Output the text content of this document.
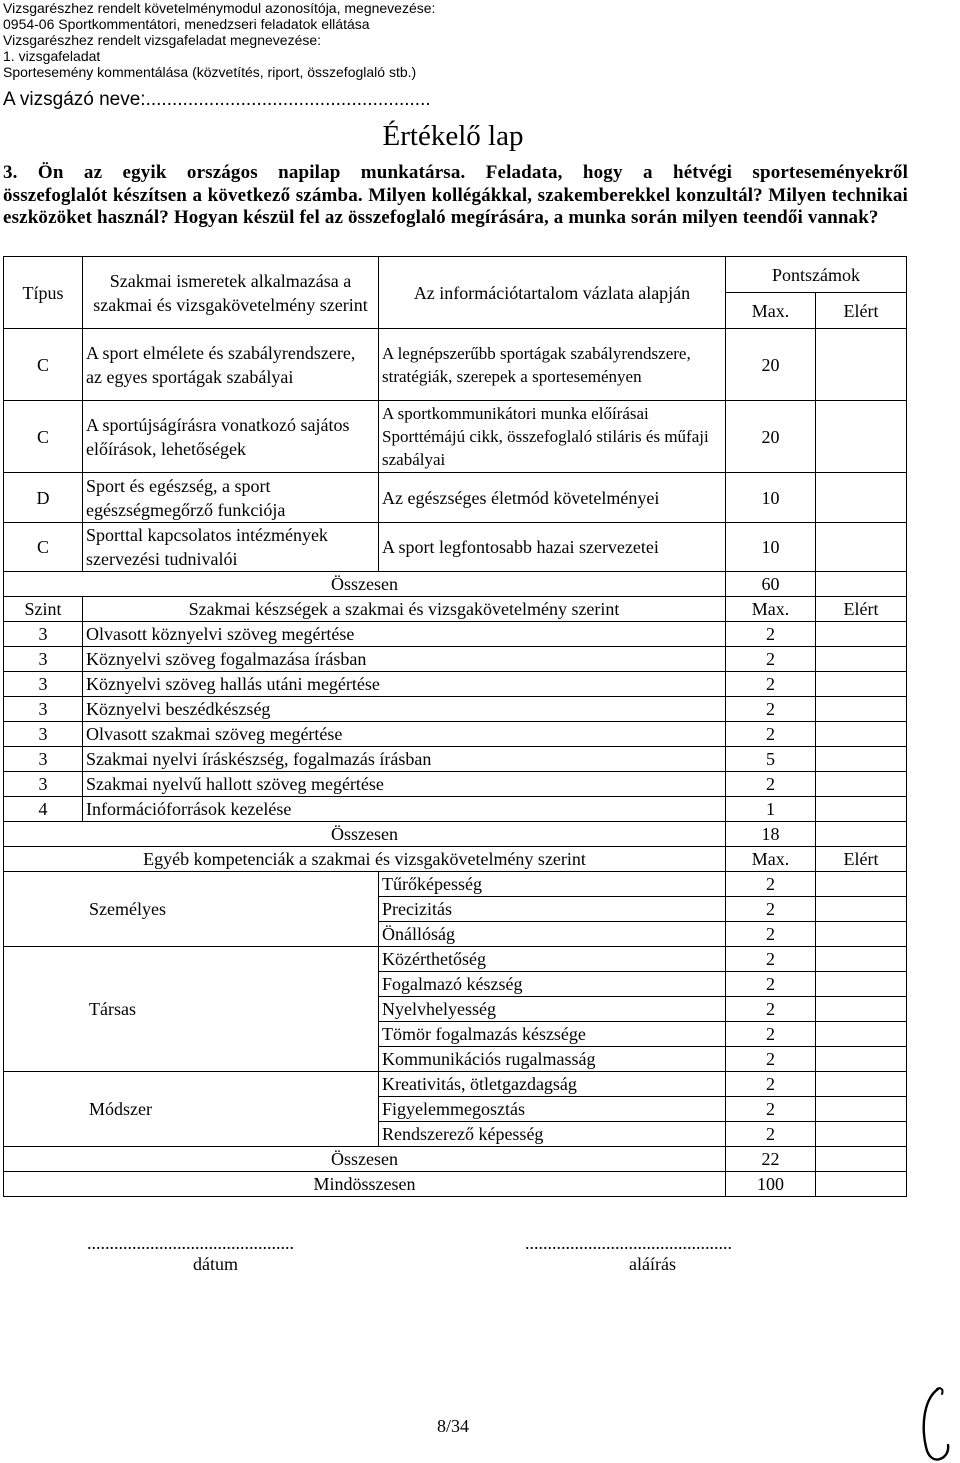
Vizsgarészhez rendelt követelménymodul azonosítója, megnevezése:
0954-06 Sportkommentátori, menedzseri feladatok ellátása
Vizsgarészhez rendelt vizsgafeladat megnevezése:
1. vizsgafeladat
Sportesemény kommentálása (közvetítés, riport, összefoglaló stb.)
A vizsgázó neve:......................................................
Értékelő lap
3. Ön az egyik országos napilap munkatársa. Feladata, hogy a hétvégi sporteseményekről
összefoglalót készítsen a következő számba. Milyen kollégákkal, szakemberekkel konzultál? Milyen technikai eszközöket használ? Hogyan készül fel az összefoglaló megírására, a munka során milyen teendői vannak?
Típus	Szakmai ismeretek alkalmazása a szakmai és vizsgakövetelmény szerint	Az információtartalom vázlata alapján	Pontszámok	
			Max.	Elért
C	A sport elmélete és szabályrendszere, az egyes sportágak szabályai	A legnépszerűbb sportágak szabályrendszere, stratégiák, szerepek a sporteseményen	20	
C	A sportújságírásra vonatkozó sajátos előírások, lehetőségek	A sportkommunikátori munka előírásai Sporttémájú cikk, összefoglaló stiláris és műfaji szabályai	20	
D	Sport és egészség, a sport egészségmegőrző funkciója	Az egészséges életmód követelményei	10	
C	Sporttal kapcsolatos intézmények szervezési tudnivalói	A sport legfontosabb hazai szervezetei	10	
Összesen			60	
Szint	Szakmai készségek a szakmai és vizsgakövetelmény szerint		Max.	Elért
3	Olvasott köznyelvi szöveg megértése		2	
3	Köznyelvi szöveg fogalmazása írásban		2	
3	Köznyelvi szöveg hallás utáni megértése		2	
3	Köznyelvi beszédkészség		2	
3	Olvasott szakmai szöveg megértése		2	
3	Szakmai nyelvi íráskészség, fogalmazás írásban		5	
3	Szakmai nyelvű hallott szöveg megértése		2	
4	Információforrások kezelése		1	
Összesen			18	
Egyéb kompetenciák a szakmai és vizsgakövetelmény szerint			Max.	Elért
Személyes		Tűrőképesség	2	
		Precizitás	2	
		Önállóság	2	
Társas		Közérthetőség	2	
		Fogalmazó készség	2	
		Nyelvhelyesség	2	
		Tömör fogalmazás készsége	2	
		Kommunikációs rugalmasság	2	
Módszer		Kreativitás, ötletgazdagság	2	
		Figyelemmegosztás	2	
		Rendszerező képesség	2	
Összesen			22	
Mindösszesen			100	
..............................................	..............................................
dátum	aláírás
8/34
